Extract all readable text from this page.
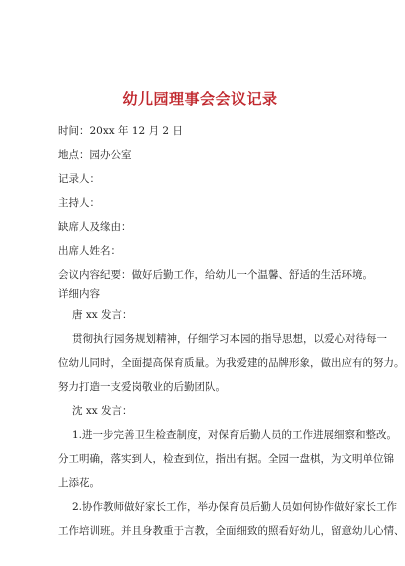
幼儿园理事会会议记录

时间：20xx 年 12 月 2 日

地点：园办公室

记录人：

主持人：

缺席人及缘由：

出席人姓名：

会议内容纪要：做好后勤工作，给幼儿一个温馨、舒适的生活环境。

详细内容

唐 xx 发言：

贯彻执行园务规划精神，仔细学习本园的指导思想，以爱心对待每一

位幼儿同时，全面提高保育质量。为我爱建的品牌形象，做出应有的努力。

努力打造一支爱岗敬业的后勤团队。

沈 xx 发言：

1.进一步完善卫生检查制度，对保育后勤人员的工作进展细察和整改。

分工明确，落实到人，检查到位，指出有据。全园一盘棋，为文明单位锦

上添花。

2.协作教师做好家长工作，举办保育员后勤人员如何协作做好家长工作

工作培训班。并且身教重于言教，全面细致的照看好幼儿，留意幼儿心情、
